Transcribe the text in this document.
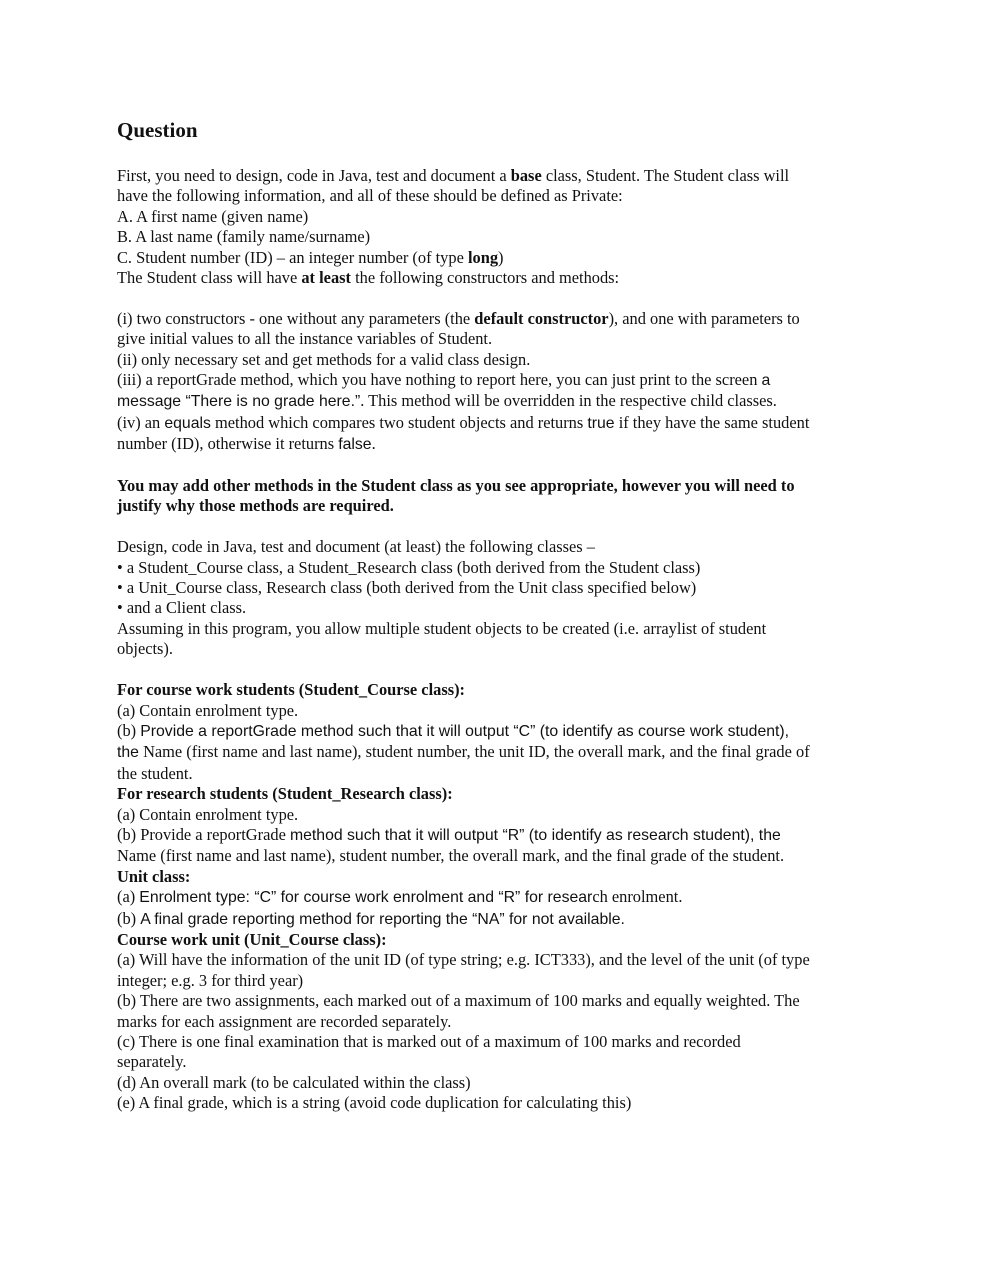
Question
First, you need to design, code in Java, test and document a base class, Student. The Student class will
have the following information, and all of these should be defined as Private:
A. A first name (given name)
B. A last name (family name/surname)
C. Student number (ID) – an integer number (of type long)
The Student class will have at least the following constructors and methods:
(i) two constructors - one without any parameters (the default constructor), and one with parameters to
give initial values to all the instance variables of Student.
(ii) only necessary set and get methods for a valid class design.
(iii) a reportGrade method, which you have nothing to report here, you can just print to the screen a
message “There is no grade here.”. This method will be overridden in the respective child classes.
(iv) an equals method which compares two student objects and returns true if they have the same student
number (ID), otherwise it returns false.
You may add other methods in the Student class as you see appropriate, however you will need to
justify why those methods are required.
Design, code in Java, test and document (at least) the following classes –
• a Student_Course class, a Student_Research class (both derived from the Student class)
• a Unit_Course class, Research class (both derived from the Unit class specified below)
• and a Client class.
Assuming in this program, you allow multiple student objects to be created (i.e. arraylist of student
objects).
For course work students (Student_Course class):
(a) Contain enrolment type.
(b) Provide a reportGrade method such that it will output “C” (to identify as course work student),
the Name (first name and last name), student number, the unit ID, the overall mark, and the final grade of
the student.
For research students (Student_Research class):
(a) Contain enrolment type.
(b) Provide a reportGrade method such that it will output “R” (to identify as research student), the
Name (first name and last name), student number, the overall mark, and the final grade of the student.
Unit class:
(a) Enrolment type: “C” for course work enrolment and “R” for research enrolment.
(b) A final grade reporting method for reporting the “NA” for not available.
Course work unit (Unit_Course class):
(a) Will have the information of the unit ID (of type string; e.g. ICT333), and the level of the unit (of type
integer; e.g. 3 for third year)
(b) There are two assignments, each marked out of a maximum of 100 marks and equally weighted. The
marks for each assignment are recorded separately.
(c) There is one final examination that is marked out of a maximum of 100 marks and recorded
separately.
(d) An overall mark (to be calculated within the class)
(e) A final grade, which is a string (avoid code duplication for calculating this)
